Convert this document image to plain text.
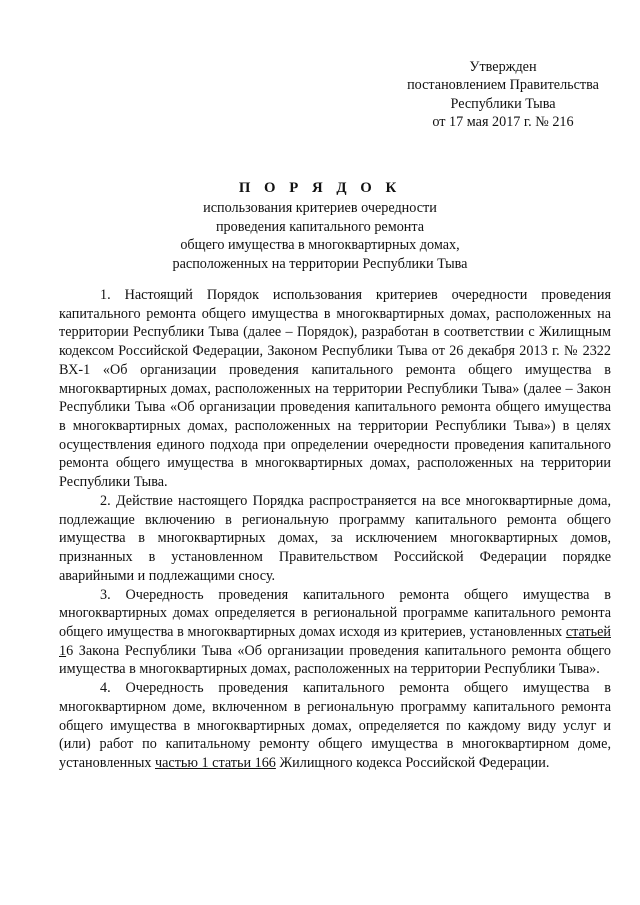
Утвержден
постановлением Правительства
Республики Тыва
от 17 мая 2017 г. № 216
П О Р Я Д О К
использования критериев очередности
проведения капитального ремонта
общего имущества в многоквартирных домах,
расположенных на территории Республики Тыва

1. Настоящий Порядок использования критериев очередности проведения капитального ремонта общего имущества в многоквартирных домах, расположенных на территории Республики Тыва (далее – Порядок), разработан в соответствии с Жилищным кодексом Российской Федерации, Законом Республики Тыва от 26 декабря 2013 г. № 2322 ВХ-1 «Об организации проведения капитального ремонта общего имущества в многоквартирных домах, расположенных на территории Республики Тыва» (далее – Закон Республики Тыва «Об организации проведения капитального ремонта общего имущества в многоквартирных домах, расположенных на территории Республики Тыва») в целях осуществления единого подхода при определении очередности проведения капитального ремонта общего имущества в многоквартирных домах, расположенных на территории Республики Тыва.

2. Действие настоящего Порядка распространяется на все многоквартирные дома, подлежащие включению в региональную программу капитального ремонта общего имущества в многоквартирных домах, за исключением многоквартирных домов, признанных в установленном Правительством Российской Федерации порядке аварийными и подлежащими сносу.

3. Очередность проведения капитального ремонта общего имущества в многоквартирных домах определяется в региональной программе капитального ремонта общего имущества в многоквартирных домах исходя из критериев, установленных статьей 16 Закона Республики Тыва «Об организации проведения капитального ремонта общего имущества в многоквартирных домах, расположенных на территории Республики Тыва».

4. Очередность проведения капитального ремонта общего имущества в многоквартирном доме, включенном в региональную программу капитального ремонта общего имущества в многоквартирных домах, определяется по каждому виду услуг и (или) работ по капитальному ремонту общего имущества в многоквартирном доме, установленных частью 1 статьи 166 Жилищного кодекса Российской Федерации.
